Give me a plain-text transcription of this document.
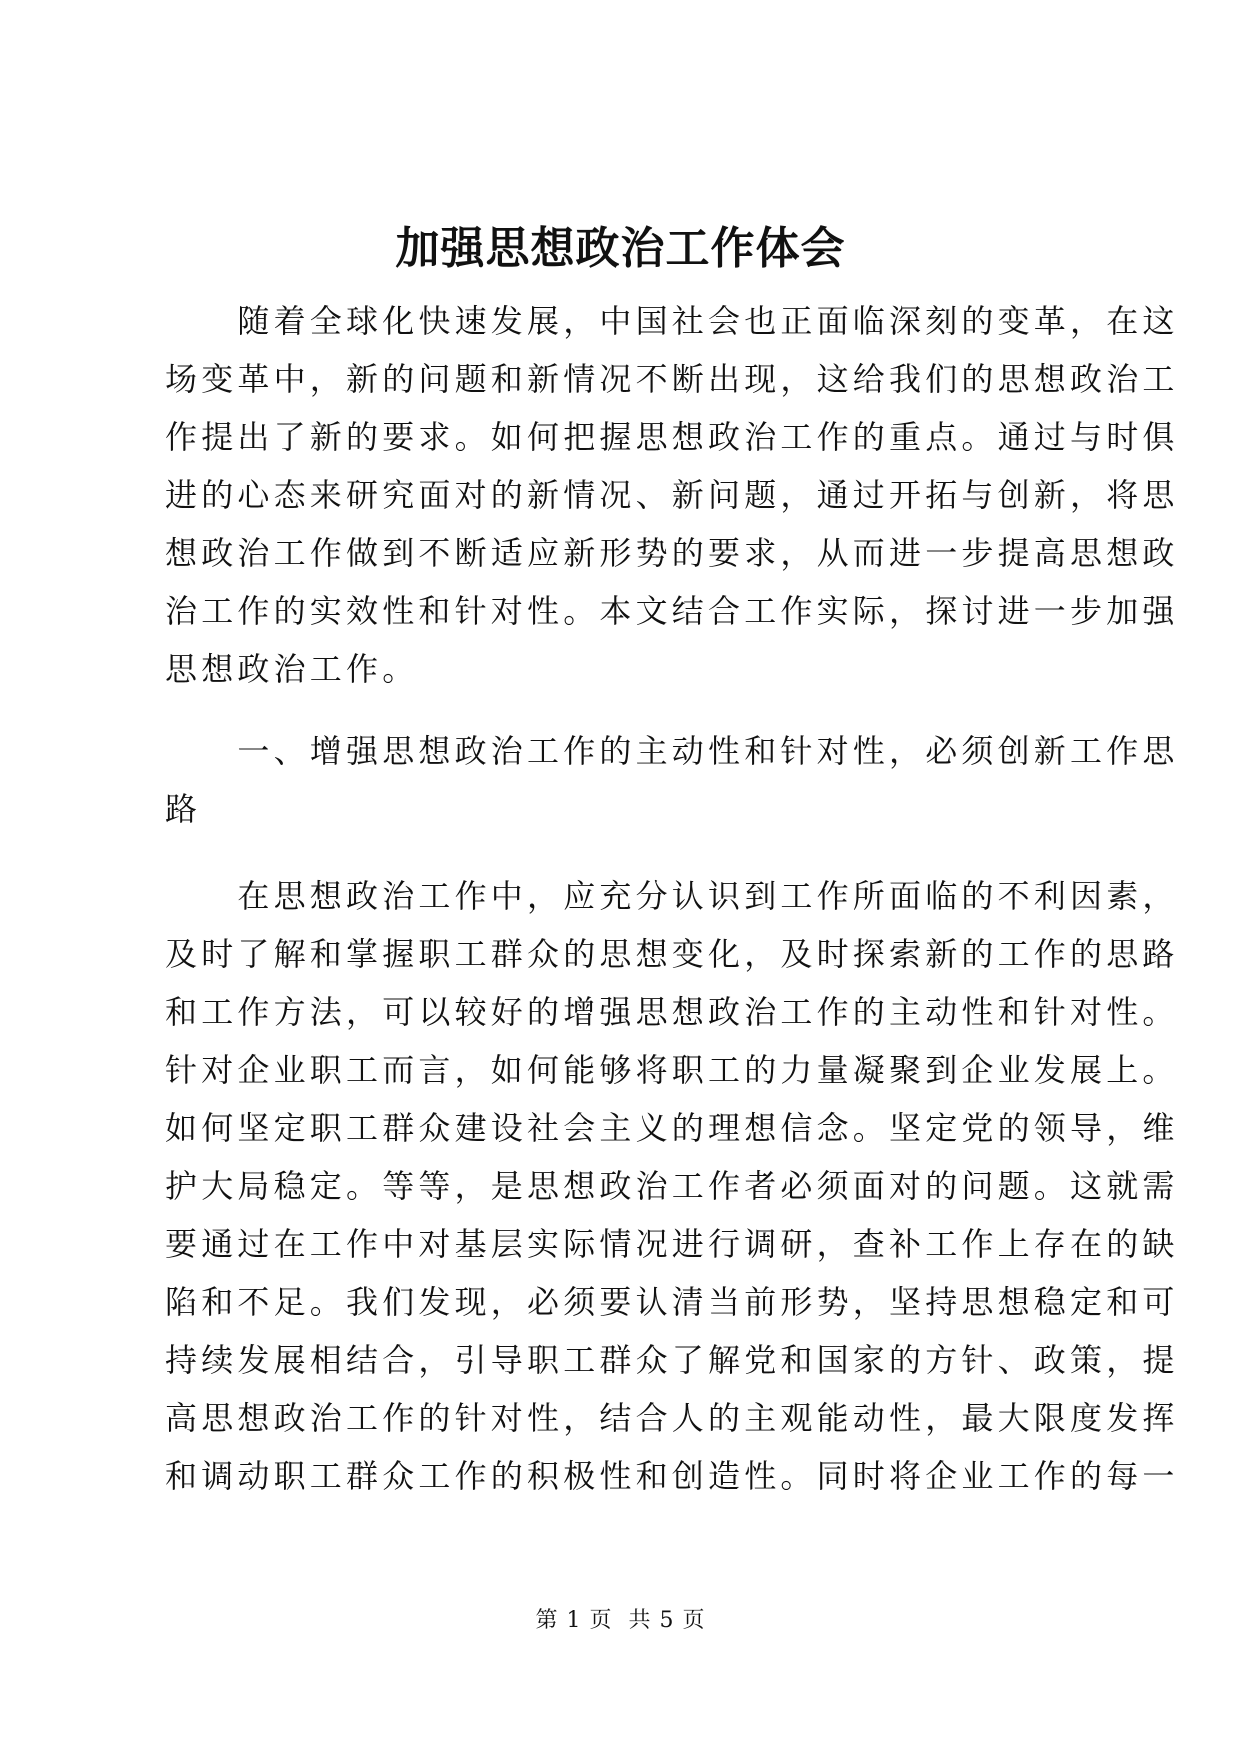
加强思想政治工作体会
　　随着全球化快速发展，中国社会也正面临深刻的变革，在这
场变革中，新的问题和新情况不断出现，这给我们的思想政治工
作提出了新的要求。如何把握思想政治工作的重点。通过与时俱
进的心态来研究面对的新情况、新问题，通过开拓与创新，将思
想政治工作做到不断适应新形势的要求，从而进一步提高思想政
治工作的实效性和针对性。本文结合工作实际，探讨进一步加强
思想政治工作。
　　一、增强思想政治工作的主动性和针对性，必须创新工作思
路
　　在思想政治工作中，应充分认识到工作所面临的不利因素，
及时了解和掌握职工群众的思想变化，及时探索新的工作的思路
和工作方法，可以较好的增强思想政治工作的主动性和针对性。
针对企业职工而言，如何能够将职工的力量凝聚到企业发展上。
如何坚定职工群众建设社会主义的理想信念。坚定党的领导，维
护大局稳定。等等，是思想政治工作者必须面对的问题。这就需
要通过在工作中对基层实际情况进行调研，查补工作上存在的缺
陷和不足。我们发现，必须要认清当前形势，坚持思想稳定和可
持续发展相结合，引导职工群众了解党和国家的方针、政策，提
高思想政治工作的针对性，结合人的主观能动性，最大限度发挥
和调动职工群众工作的积极性和创造性。同时将企业工作的每一
第 1 页  共 5 页
